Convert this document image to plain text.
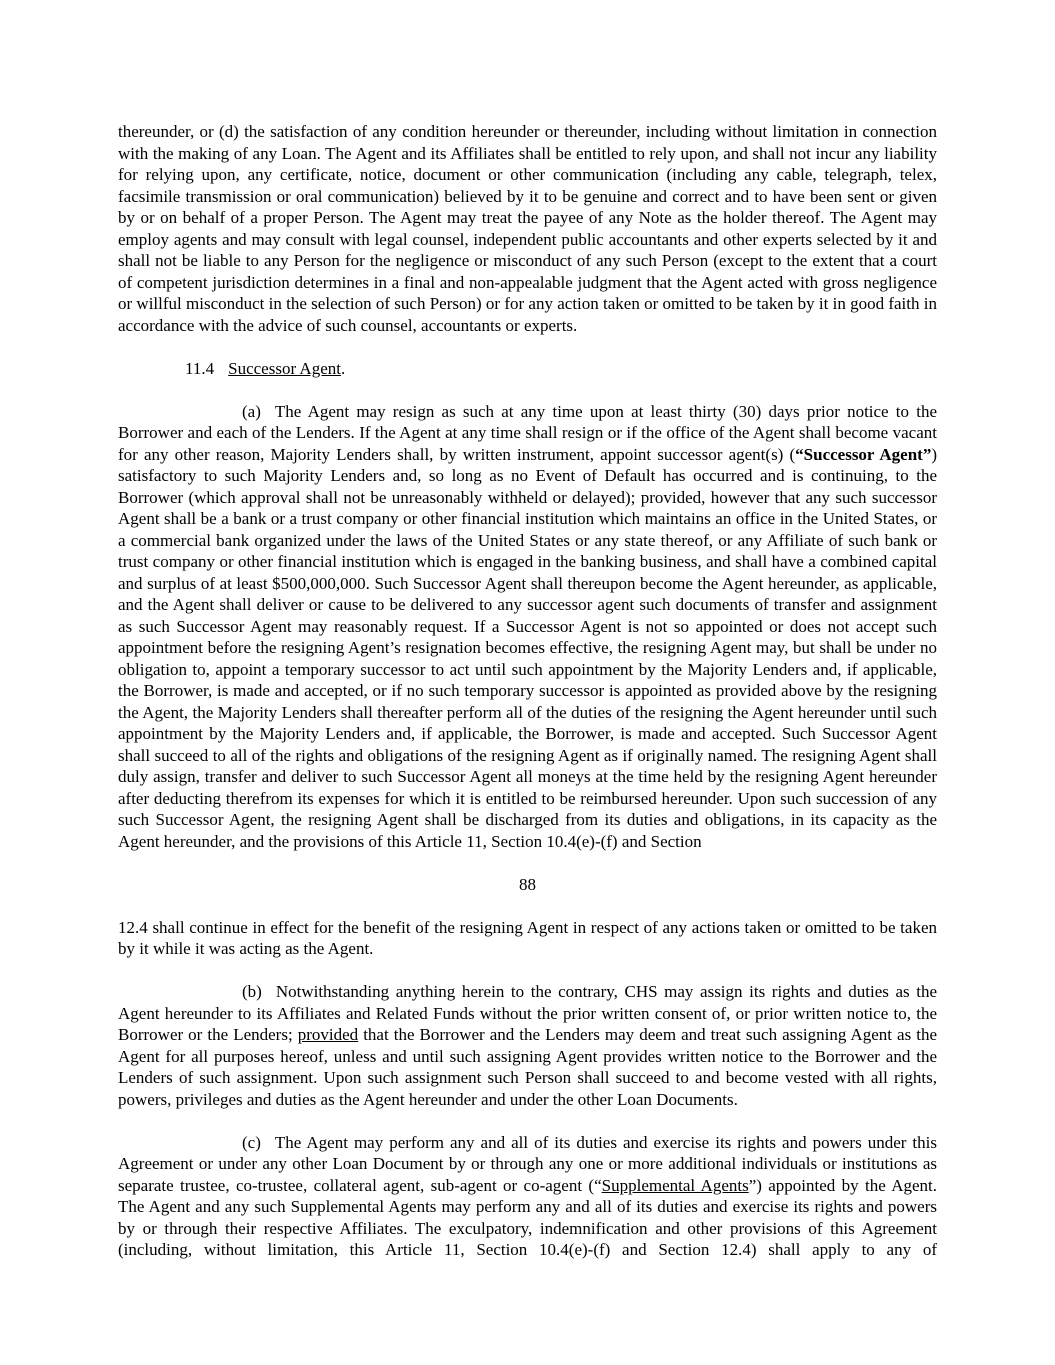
thereunder, or (d) the satisfaction of any condition hereunder or thereunder, including without limitation in connection with the making of any Loan. The Agent and its Affiliates shall be entitled to rely upon, and shall not incur any liability for relying upon, any certificate, notice, document or other communication (including any cable, telegraph, telex, facsimile transmission or oral communication) believed by it to be genuine and correct and to have been sent or given by or on behalf of a proper Person. The Agent may treat the payee of any Note as the holder thereof. The Agent may employ agents and may consult with legal counsel, independent public accountants and other experts selected by it and shall not be liable to any Person for the negligence or misconduct of any such Person (except to the extent that a court of competent jurisdiction determines in a final and non-appealable judgment that the Agent acted with gross negligence or willful misconduct in the selection of such Person) or for any action taken or omitted to be taken by it in good faith in accordance with the advice of such counsel, accountants or experts.

11.4 Successor Agent.

(a) The Agent may resign as such at any time upon at least thirty (30) days prior notice to the Borrower and each of the Lenders. If the Agent at any time shall resign or if the office of the Agent shall become vacant for any other reason, Majority Lenders shall, by written instrument, appoint successor agent(s) (“Successor Agent”) satisfactory to such Majority Lenders and, so long as no Event of Default has occurred and is continuing, to the Borrower (which approval shall not be unreasonably withheld or delayed); provided, however that any such successor Agent shall be a bank or a trust company or other financial institution which maintains an office in the United States, or a commercial bank organized under the laws of the United States or any state thereof, or any Affiliate of such bank or trust company or other financial institution which is engaged in the banking business, and shall have a combined capital and surplus of at least $500,000,000. Such Successor Agent shall thereupon become the Agent hereunder, as applicable, and the Agent shall deliver or cause to be delivered to any successor agent such documents of transfer and assignment as such Successor Agent may reasonably request. If a Successor Agent is not so appointed or does not accept such appointment before the resigning Agent’s resignation becomes effective, the resigning Agent may, but shall be under no obligation to, appoint a temporary successor to act until such appointment by the Majority Lenders and, if applicable, the Borrower, is made and accepted, or if no such temporary successor is appointed as provided above by the resigning the Agent, the Majority Lenders shall thereafter perform all of the duties of the resigning the Agent hereunder until such appointment by the Majority Lenders and, if applicable, the Borrower, is made and accepted. Such Successor Agent shall succeed to all of the rights and obligations of the resigning Agent as if originally named. The resigning Agent shall duly assign, transfer and deliver to such Successor Agent all moneys at the time held by the resigning Agent hereunder after deducting therefrom its expenses for which it is entitled to be reimbursed hereunder. Upon such succession of any such Successor Agent, the resigning Agent shall be discharged from its duties and obligations, in its capacity as the Agent hereunder, and the provisions of this Article 11, Section 10.4(e)-(f) and Section

88

12.4 shall continue in effect for the benefit of the resigning Agent in respect of any actions taken or omitted to be taken by it while it was acting as the Agent.

(b) Notwithstanding anything herein to the contrary, CHS may assign its rights and duties as the Agent hereunder to its Affiliates and Related Funds without the prior written consent of, or prior written notice to, the Borrower or the Lenders; provided that the Borrower and the Lenders may deem and treat such assigning Agent as the Agent for all purposes hereof, unless and until such assigning Agent provides written notice to the Borrower and the Lenders of such assignment. Upon such assignment such Person shall succeed to and become vested with all rights, powers, privileges and duties as the Agent hereunder and under the other Loan Documents.

(c) The Agent may perform any and all of its duties and exercise its rights and powers under this Agreement or under any other Loan Document by or through any one or more additional individuals or institutions as separate trustee, co-trustee, collateral agent, sub-agent or co-agent (“Supplemental Agents”) appointed by the Agent. The Agent and any such Supplemental Agents may perform any and all of its duties and exercise its rights and powers by or through their respective Affiliates. The exculpatory, indemnification and other provisions of this Agreement (including, without limitation, this Article 11, Section 10.4(e)-(f) and Section 12.4) shall apply to any of
